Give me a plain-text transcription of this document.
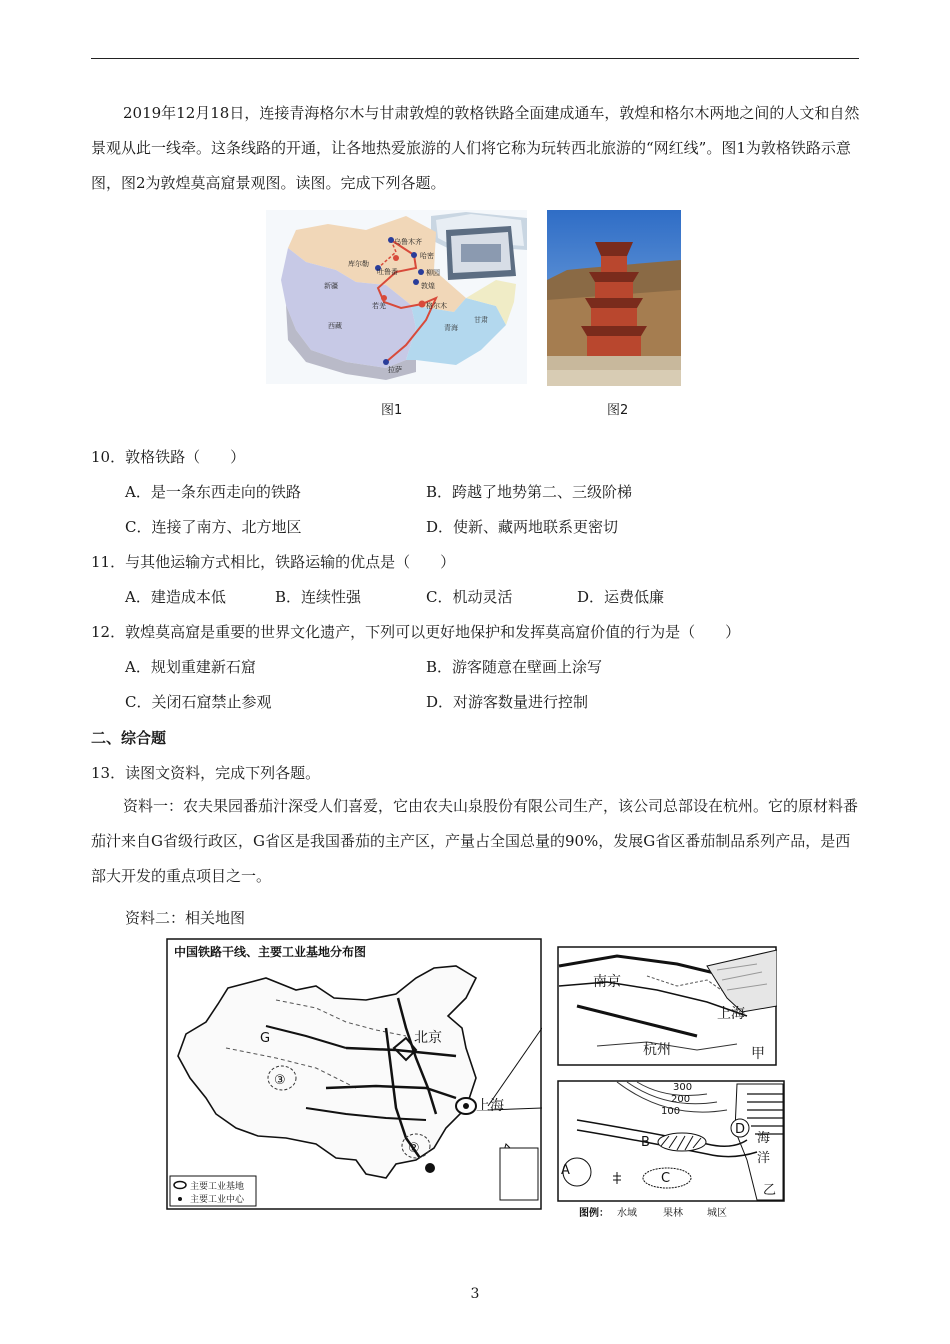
2019年12月18日，连接青海格尔木与甘肃敦煌的敦格铁路全面建成通车，敦煌和格尔木两地之间的人文和自然景观从此一线牵。这条线路的开通，让各地热爱旅游的人们将它称为玩转西北旅游的“网红线”。图1为敦格铁路示意图，图2为敦煌莫高窟景观图。读图。完成下列各题。
乌鲁木齐
哈密
库尔勒
吐鲁番	柳园
敦煌
若羌	格尔木
拉萨
新疆
西藏	青海
甘肃
图1	图2
10．敦格铁路（　　）
A．是一条东西走向的铁路	B．跨越了地势第二、三级阶梯
C．连接了南方、北方地区	D．使新、藏两地联系更密切
11．与其他运输方式相比，铁路运输的优点是（　　）
A．建造成本低	B．连续性强	C．机动灵活	D．运费低廉
12．敦煌莫高窟是重要的世界文化遗产，下列可以更好地保护和发挥莫高窟价值的行为是（　　）
A．规划重建新石窟	B．游客随意在壁画上涂写
C．关闭石窟禁止参观	D．对游客数量进行控制
二、综合题
13．读图文资料，完成下列各题。
资料一：农夫果园番茄汁深受人们喜爱，它由农夫山泉股份有限公司生产，该公司总部设在杭州。它的原材料番茄汁来自G省级行政区，G省区是我国番茄的主产区，产量占全国总量的90%，发展G省区番茄制品系列产品，是西部大开发的重点项目之一。
资料二：相关地图
中国铁路干线、主要工业基地分布图
G
③
北京
上海
②
主要工业基地
主要工业中心
南京
上海
杭州	甲
300
200
100
A
B
C
D
海
洋
乙
图例： 水域	果林 城区
3
